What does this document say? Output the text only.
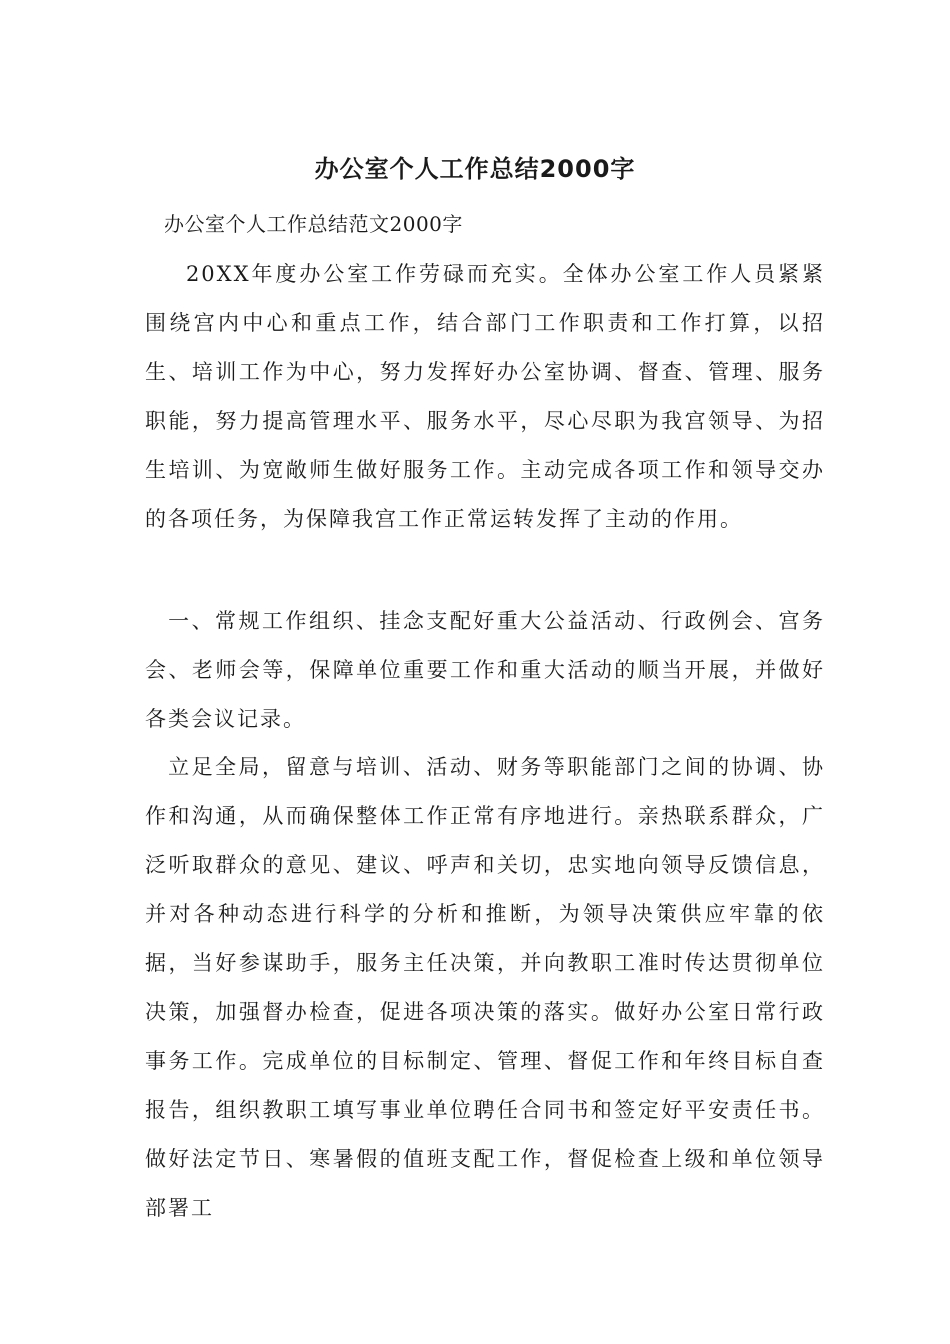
办公室个人工作总结2000字
办公室个人工作总结范文2000字

20XX年度办公室工作劳碌而充实。全体办公室工作人员紧紧围绕宫内中心和重点工作，结合部门工作职责和工作打算，以招生、培训工作为中心，努力发挥好办公室协调、督查、管理、服务职能，努力提高管理水平、服务水平，尽心尽职为我宫领导、为招生培训、为宽敞师生做好服务工作。主动完成各项工作和领导交办的各项任务，为保障我宫工作正常运转发挥了主动的作用。

一、常规工作组织、挂念支配好重大公益活动、行政例会、宫务会、老师会等，保障单位重要工作和重大活动的顺当开展，并做好各类会议记录。

立足全局，留意与培训、活动、财务等职能部门之间的协调、协作和沟通，从而确保整体工作正常有序地进行。亲热联系群众，广泛听取群众的意见、建议、呼声和关切，忠实地向领导反馈信息，并对各种动态进行科学的分析和推断，为领导决策供应牢靠的依据，当好参谋助手，服务主任决策，并向教职工准时传达贯彻单位决策，加强督办检查，促进各项决策的落实。做好办公室日常行政事务工作。完成单位的目标制定、管理、督促工作和年终目标自查报告，组织教职工填写事业单位聘任合同书和签定好平安责任书。做好法定节日、寒暑假的值班支配工作，督促检查上级和单位领导部署工
